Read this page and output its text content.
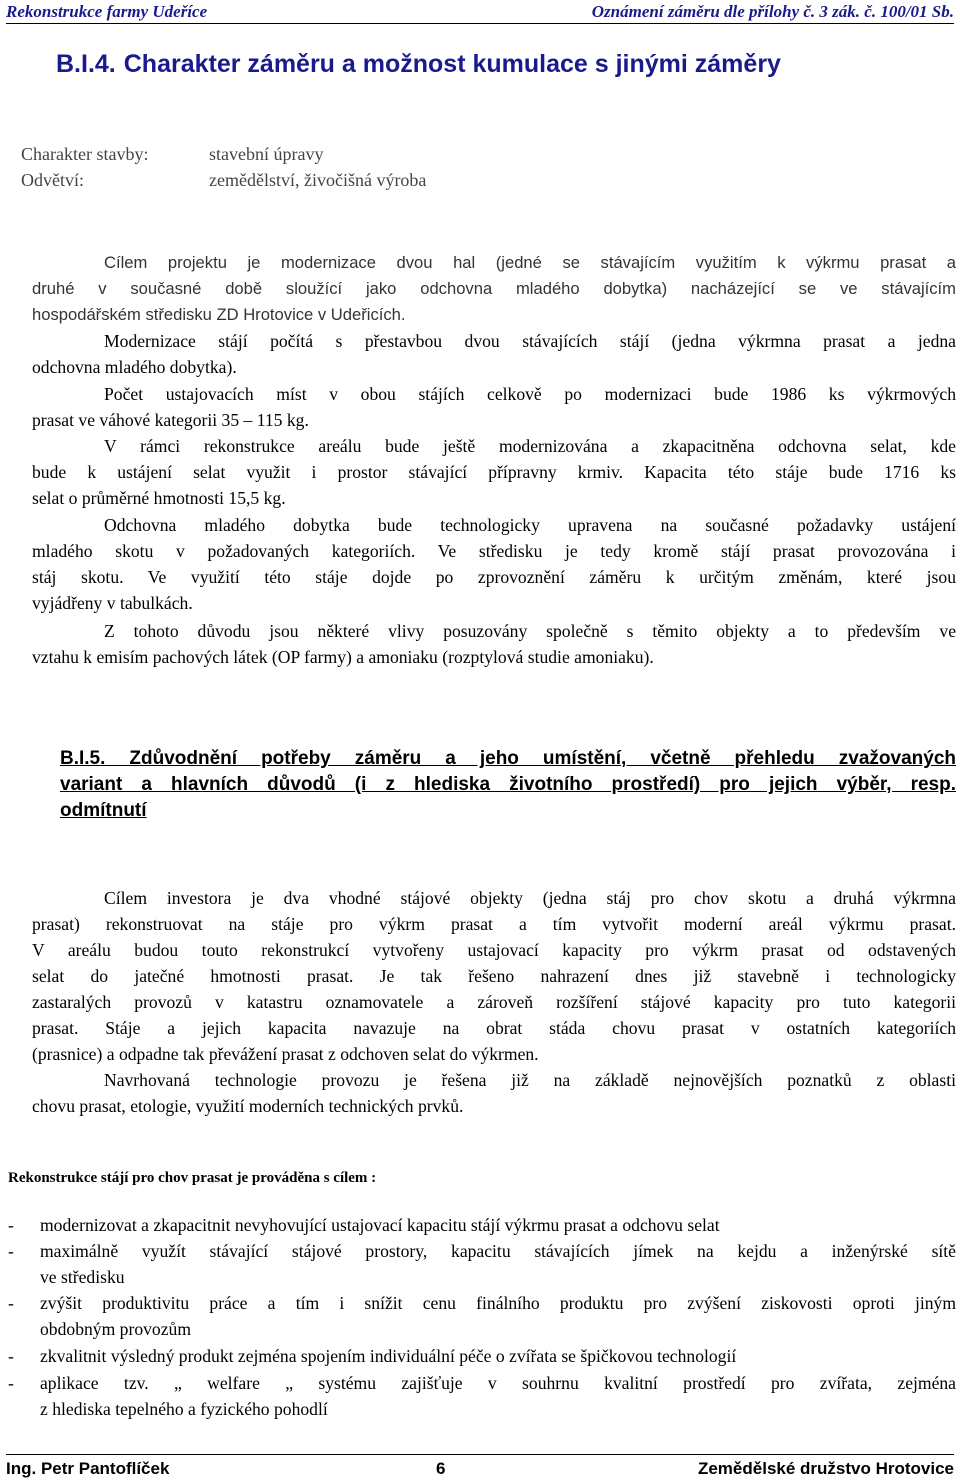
Rekonstrukce farmy Udeříce	Oznámení záměru dle přílohy č. 3 zák. č. 100/01 Sb.
B.I.4. Charakter záměru a možnost kumulace s jinými záměry
Charakter stavby:	stavební úpravy
Odvětví:	zemědělství, živočišná výroba
Cílem projektu je modernizace dvou hal (jedné se stávajícím využitím k výkrmu prasat a
druhé v současné době sloužící jako odchovna mladého dobytka) nacházející se ve stávajícím
hospodářském středisku ZD Hrotovice v Udeřicích.
Modernizace stájí počítá s přestavbou dvou stávajících stájí (jedna výkrmna prasat a jedna
odchovna mladého dobytka).
Počet ustajovacích míst v obou stájích celkově po modernizaci bude 1986 ks výkrmových
prasat ve váhové kategorii 35 – 115 kg.
V rámci rekonstrukce areálu bude ještě modernizována a zkapacitněna odchovna selat, kde
bude k ustájení selat využit i prostor stávající přípravny krmiv. Kapacita této stáje bude 1716 ks
selat o průměrné hmotnosti 15,5 kg.
Odchovna mladého dobytka bude technologicky upravena na současné požadavky ustájení
mladého skotu v požadovaných kategoriích. Ve středisku je tedy kromě stájí prasat provozována i
stáj skotu. Ve využití této stáje dojde po zprovoznění záměru k určitým změnám, které jsou
vyjádřeny v tabulkách.
Z tohoto důvodu jsou některé vlivy posuzovány společně s těmito objekty a to především ve
vztahu k emisím pachových látek (OP farmy) a amoniaku (rozptylová studie amoniaku).
B.I.5. Zdůvodnění potřeby záměru a jeho umístění, včetně přehledu zvažovaných
variant a hlavních důvodů (i z hlediska životního prostředí) pro jejich výběr, resp.
odmítnutí
Cílem investora je dva vhodné stájové objekty (jedna stáj pro chov skotu a druhá výkrmna
prasat) rekonstruovat na stáje pro výkrm prasat a tím vytvořit moderní areál výkrmu prasat.
V areálu budou touto rekonstrukcí vytvořeny ustajovací kapacity pro výkrm prasat od odstavených
selat do jatečné hmotnosti prasat. Je tak řešeno nahrazení dnes již stavebně i technologicky
zastaralých provozů v katastru oznamovatele a zároveň rozšíření stájové kapacity pro tuto kategorii
prasat. Stáje a jejich kapacita navazuje na obrat stáda chovu prasat v ostatních kategoriích
(prasnice) a odpadne tak převážení prasat z odchoven selat do výkrmen.
Navrhovaná technologie provozu je řešena již na základě nejnovějších poznatků z oblasti
chovu prasat, etologie, využití moderních technických prvků.
Rekonstrukce stájí pro chov prasat je prováděna s cílem :
- modernizovat a zkapacitnit nevyhovující ustajovací kapacitu stájí výkrmu prasat a odchovu selat
- maximálně využít stávající stájové prostory, kapacitu stávajících jímek na kejdu a inženýrské sítě
ve středisku
- zvýšit produktivitu práce a tím i snížit cenu finálního produktu pro zvýšení ziskovosti oproti jiným
obdobným provozům
- zkvalitnit výsledný produkt zejména spojením individuální péče o zvířata se špičkovou technologií
- aplikace tzv. „ welfare „ systému zajišťuje v souhrnu kvalitní prostředí pro zvířata, zejména
z hlediska tepelného a fyzického pohodlí
Ing. Petr Pantoflíček	6	Zemědělské družstvo Hrotovice
